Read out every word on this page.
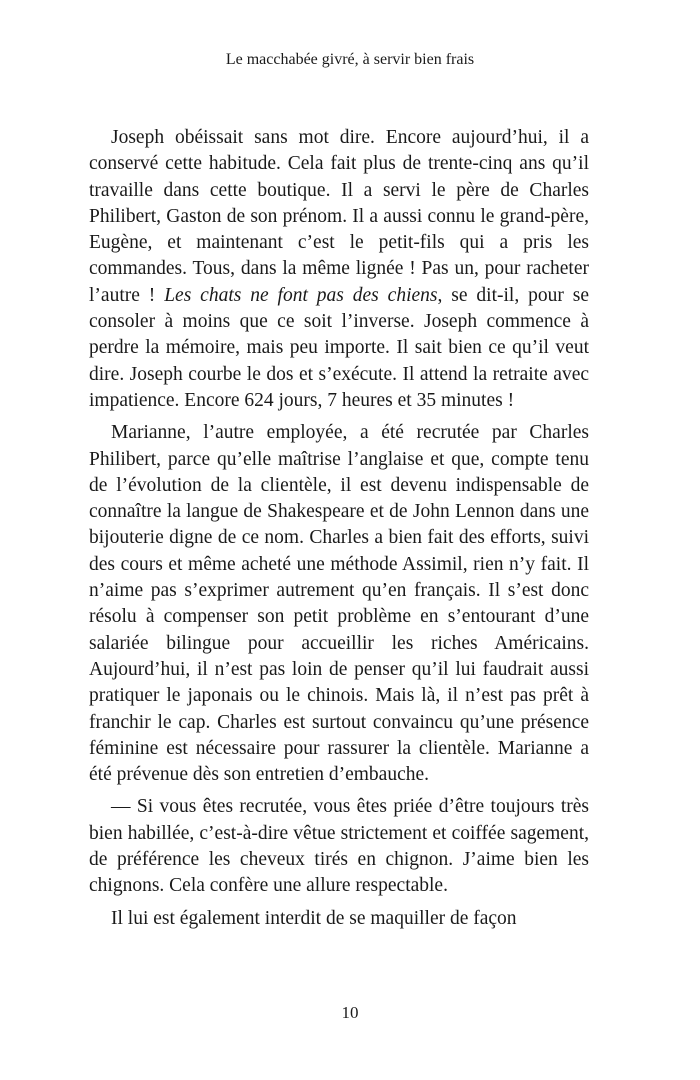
Le macchabée givré, à servir bien frais

Joseph obéissait sans mot dire. Encore aujourd’hui, il a conservé cette habitude. Cela fait plus de trente-cinq ans qu’il travaille dans cette boutique. Il a servi le père de Charles Philibert, Gaston de son prénom. Il a aussi connu le grand-père, Eugène, et maintenant c’est le petit-fils qui a pris les commandes. Tous, dans la même lignée ! Pas un, pour racheter l’autre ! Les chats ne font pas des chiens, se dit-il, pour se consoler à moins que ce soit l’inverse. Joseph commence à perdre la mémoire, mais peu importe. Il sait bien ce qu’il veut dire. Joseph courbe le dos et s’exécute. Il attend la retraite avec impatience. Encore 624 jours, 7 heures et 35 minutes !

Marianne, l’autre employée, a été recrutée par Charles Philibert, parce qu’elle maîtrise l’anglaise et que, compte tenu de l’évolution de la clientèle, il est devenu indispensable de connaître la langue de Shakespeare et de John Lennon dans une bijouterie digne de ce nom. Charles a bien fait des efforts, suivi des cours et même acheté une méthode Assimil, rien n’y fait. Il n’aime pas s’exprimer autrement qu’en français. Il s’est donc résolu à compenser son petit problème en s’entourant d’une salariée bilingue pour accueillir les riches Américains. Aujourd’hui, il n’est pas loin de penser qu’il lui faudrait aussi pratiquer le japonais ou le chinois. Mais là, il n’est pas prêt à franchir le cap. Charles est surtout convaincu qu’une présence féminine est nécessaire pour rassurer la clientèle. Marianne a été prévenue dès son entretien d’embauche.

— Si vous êtes recrutée, vous êtes priée d’être toujours très bien habillée, c’est-à-dire vêtue strictement et coiffée sagement, de préférence les cheveux tirés en chignon. J’aime bien les chignons. Cela confère une allure respectable.

Il lui est également interdit de se maquiller de façon

10
